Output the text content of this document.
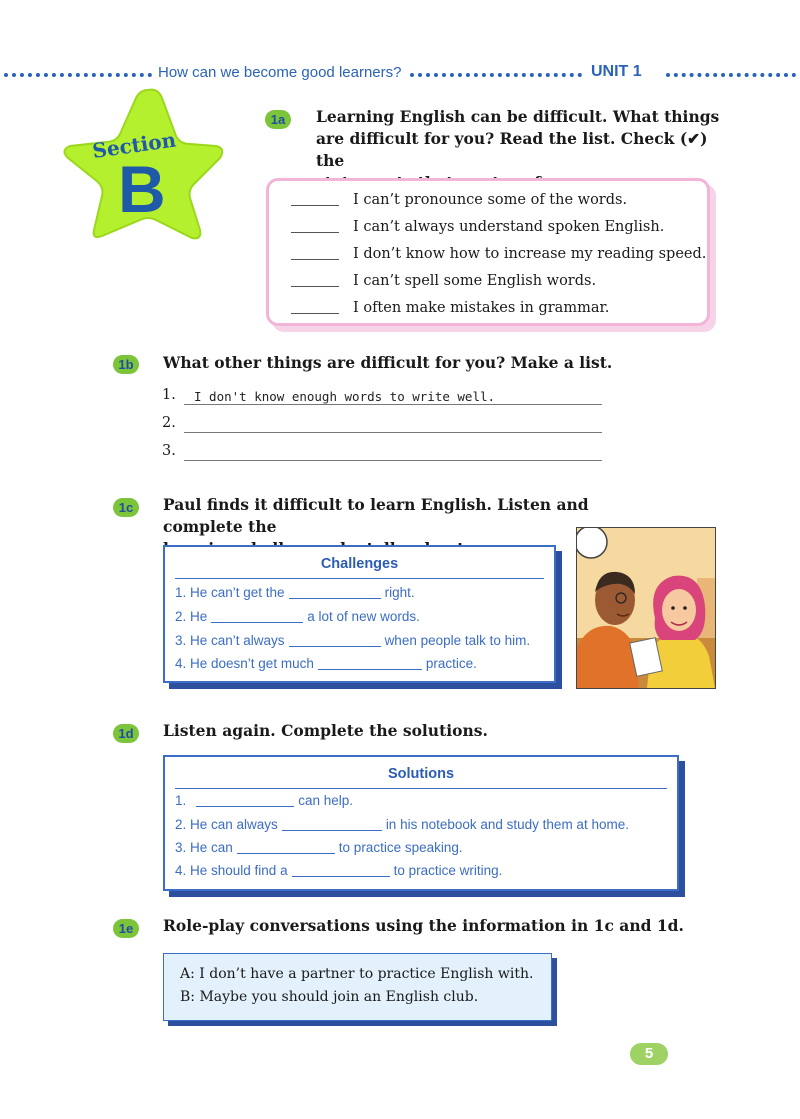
How can we become good learners?	UNIT 1
Section
B
1a	Learning English can be difficult. What things
are difficult for you? Read the list. Check (✔) the
I can’t pronounce some of the words.
I can’t always understand spoken English.
I don’t know how to increase my reading speed.
I can’t spell some English words.
I often make mistakes in grammar.
1b	What other things are difficult for you? Make a list.
1. I don't know enough words to write well.
2.
3.
1c	Paul finds it difficult to learn English. Listen and complete the
Challenges
1. He can’t get the	right.
2. He	a lot of new words.
3. He can’t always	when people talk to him.
4. He doesn’t get much	practice.
1d	Listen again. Complete the solutions.
Solutions
1.	can help.
2. He can always	in his notebook and study them at home.
3. He can	to practice speaking.
4. He should find a	to practice writing.
1e	Role-play conversations using the information in 1c and 1d.
A: I don’t have a partner to practice English with.
B: Maybe you should join an English club.
5
